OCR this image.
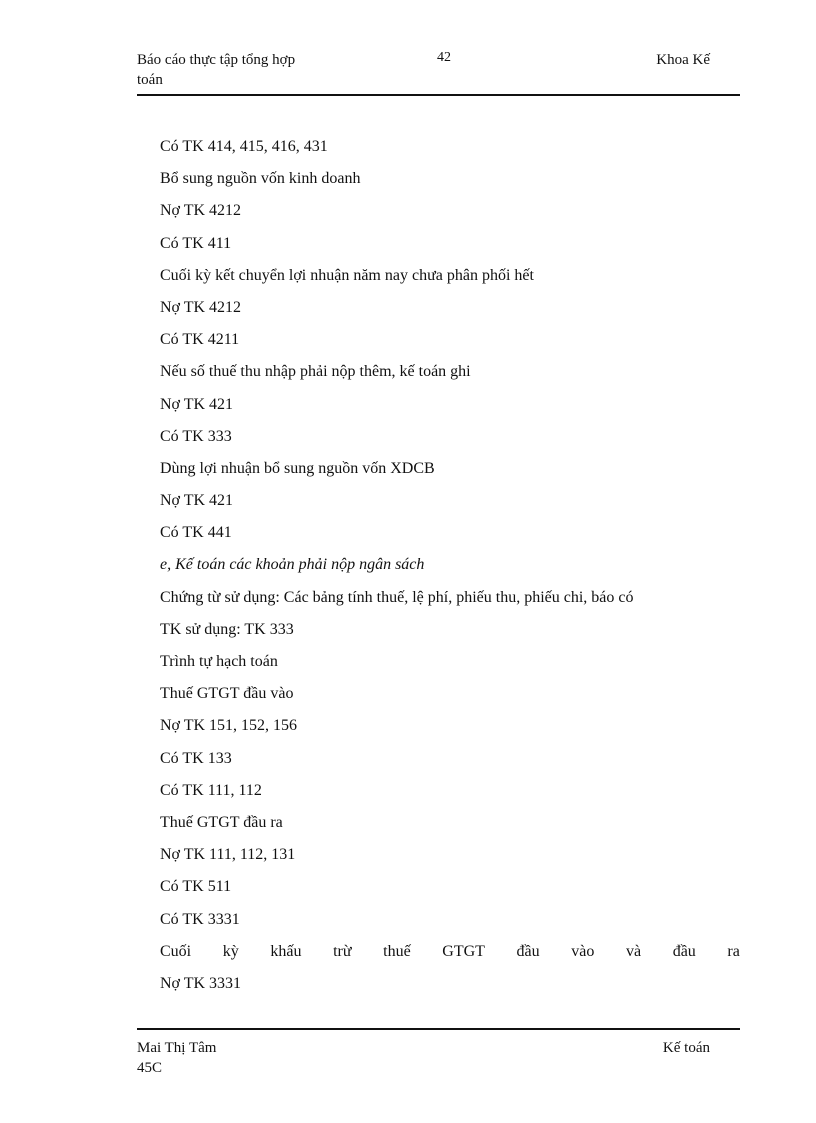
Báo cáo thực tập tổng hợp
toán
42	Khoa Kế
Có TK 414, 415, 416, 431
Bổ sung nguồn vốn kinh doanh
Nợ TK 4212
Có TK 411
Cuối kỳ kết chuyển lợi nhuận năm nay chưa phân phối hết
Nợ TK 4212
Có TK 4211
Nếu số thuế thu nhập phải nộp thêm, kế toán ghi
Nợ TK 421
Có TK 333
Dùng lợi nhuận bổ sung nguồn vốn XDCB
Nợ TK 421
Có TK 441
e, Kế toán các khoản phải nộp ngân sách
Chứng từ sử dụng: Các bảng tính thuế, lệ phí, phiếu thu, phiếu chi, báo có
TK sử dụng: TK 333
Trình tự hạch toán
Thuế GTGT đầu vào
Nợ TK 151, 152, 156
Có TK 133
Có TK 111, 112
Thuế GTGT đầu ra
Nợ TK 111, 112, 131
Có TK 511
Có TK 3331
Cuối kỳ khấu trừ thuế GTGT đầu vào và đầu ra
Nợ TK 3331
Mai Thị Tâm
45C
Kế toán
